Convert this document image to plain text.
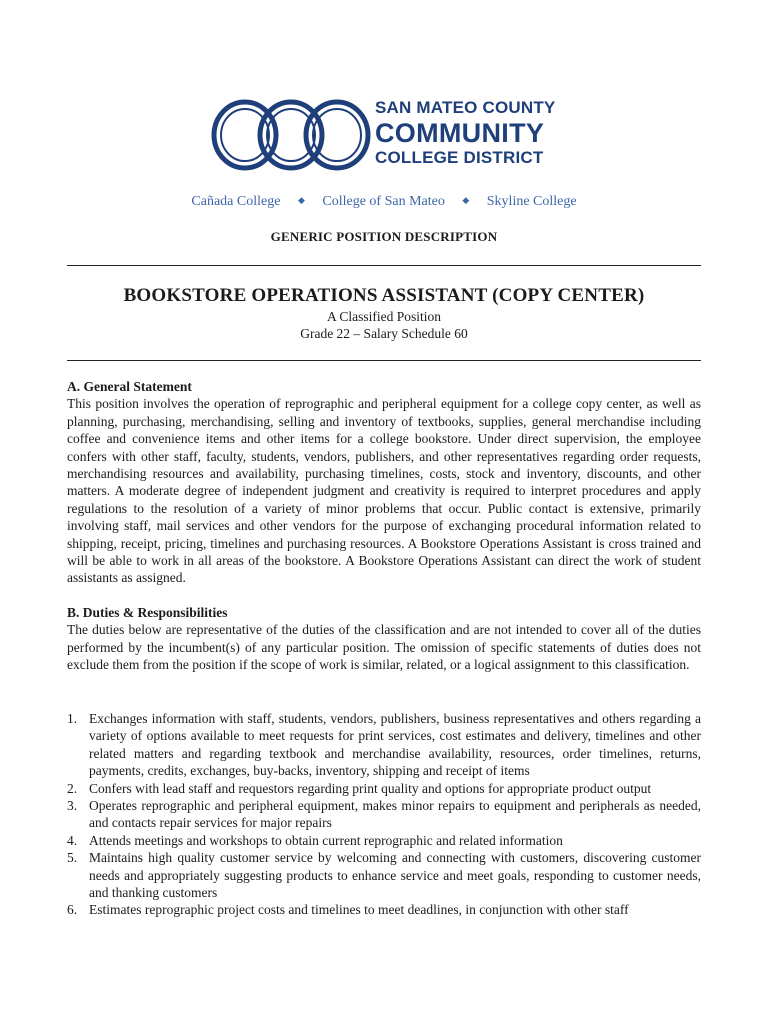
SAN MATEO COUNTY
COMMUNITY
COLLEGE DISTRICT
Cañada College ◆ College of San Mateo ◆ Skyline College
GENERIC POSITION DESCRIPTION
BOOKSTORE OPERATIONS ASSISTANT (COPY CENTER)
A Classified Position
Grade 22 – Salary Schedule 60
A. General Statement

This position involves the operation of reprographic and peripheral equipment for a college copy center, as well as planning, purchasing, merchandising, selling and inventory of textbooks, supplies, general merchandise including coffee and convenience items and other items for a college bookstore. Under direct supervision, the employee confers with other staff, faculty, students, vendors, publishers, and other representatives regarding order requests, merchandising resources and availability, purchasing timelines, costs, stock and inventory, discounts, and other matters. A moderate degree of independent judgment and creativity is required to interpret procedures and apply regulations to the resolution of a variety of minor problems that occur. Public contact is extensive, primarily involving staff, mail services and other vendors for the purpose of exchanging procedural information related to shipping, receipt, pricing, timelines and purchasing resources. A Bookstore Operations Assistant is cross trained and will be able to work in all areas of the bookstore. A Bookstore Operations Assistant can direct the work of student assistants as assigned.

B. Duties & Responsibilities

The duties below are representative of the duties of the classification and are not intended to cover all of the duties performed by the incumbent(s) of any particular position. The omission of specific statements of duties does not exclude them from the position if the scope of work is similar, related, or a logical assignment to this classification.

1. Exchanges information with staff, students, vendors, publishers, business representatives and others regarding a variety of options available to meet requests for print services, cost estimates and delivery, timelines and other related matters and regarding textbook and merchandise availability, resources, order timelines, returns, payments, credits, exchanges, buy-backs, inventory, shipping and receipt of items
2. Confers with lead staff and requestors regarding print quality and options for appropriate product output
3. Operates reprographic and peripheral equipment, makes minor repairs to equipment and peripherals as needed, and contacts repair services for major repairs
4. Attends meetings and workshops to obtain current reprographic and related information
5. Maintains high quality customer service by welcoming and connecting with customers, discovering customer needs and appropriately suggesting products to enhance service and meet goals, responding to customer needs, and thanking customers
6. Estimates reprographic project costs and timelines to meet deadlines, in conjunction with other staff
